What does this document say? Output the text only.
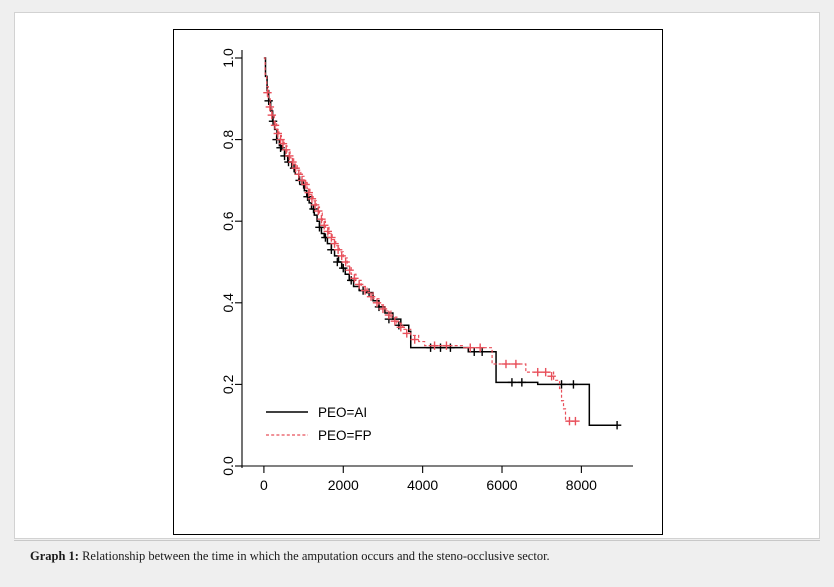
0.0
0.2
0.4
0.6
0.8
1.0
0	2000	4000	6000	8000
PEO=AI
PEO=FP
Graph 1: Relationship between the time in which the amputation occurs and the steno-occlusive sector.
